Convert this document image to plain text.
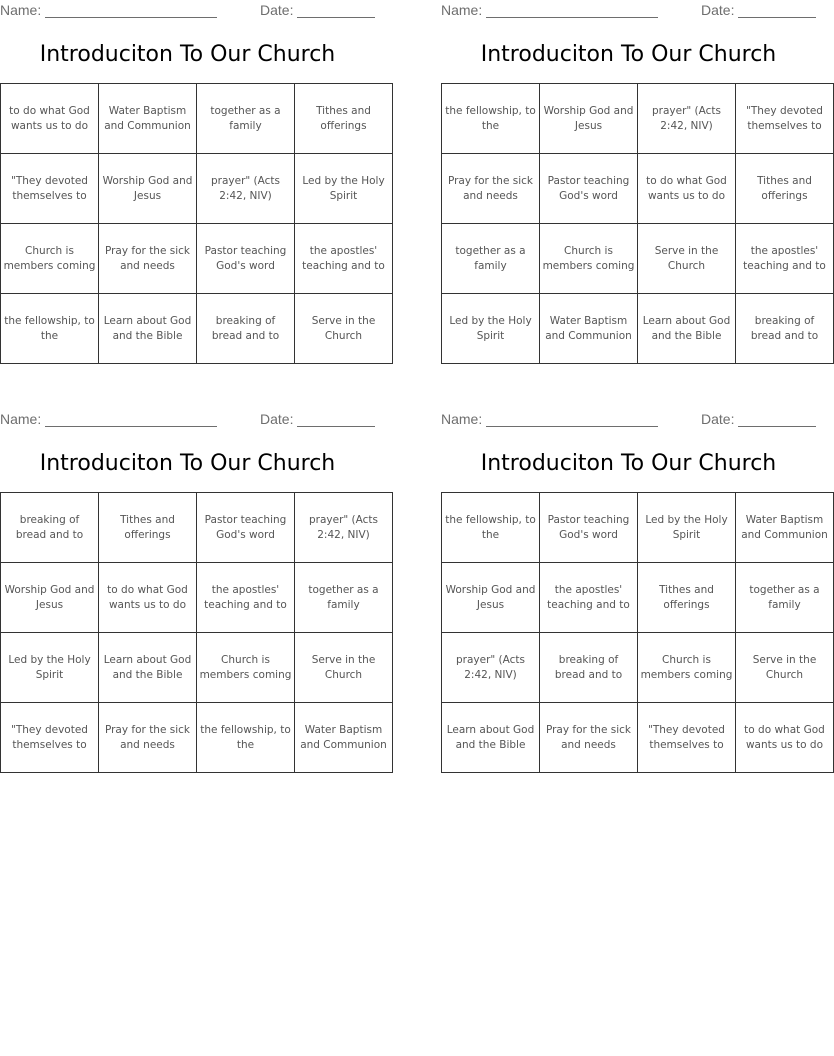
Name:	Date:
Introduciton To Our Church
to do what God wants us to do	Water Baptism and Communion	together as a family	Tithes and offerings
"They devoted themselves to	Worship God and Jesus	prayer" (Acts 2:42, NIV)	Led by the Holy Spirit
Church is members coming	Pray for the sick and needs	Pastor teaching God's word	the apostles' teaching and to
the fellowship, to the	Learn about God and the Bible	breaking of bread and to	Serve in the Church
Name:	Date:
Introduciton To Our Church
the fellowship, to the	Worship God and Jesus	prayer" (Acts 2:42, NIV)	"They devoted themselves to
Pray for the sick and needs	Pastor teaching God's word	to do what God wants us to do	Tithes and offerings
together as a family	Church is members coming	Serve in the Church	the apostles' teaching and to
Led by the Holy Spirit	Water Baptism and Communion	Learn about God and the Bible	breaking of bread and to
Name:	Date:
Introduciton To Our Church
breaking of bread and to	Tithes and offerings	Pastor teaching God's word	prayer" (Acts 2:42, NIV)
Worship God and Jesus	to do what God wants us to do	the apostles' teaching and to	together as a family
Led by the Holy Spirit	Learn about God and the Bible	Church is members coming	Serve in the Church
"They devoted themselves to	Pray for the sick and needs	the fellowship, to the	Water Baptism and Communion
Name:	Date:
Introduciton To Our Church
the fellowship, to the	Pastor teaching God's word	Led by the Holy Spirit	Water Baptism and Communion
Worship God and Jesus	the apostles' teaching and to	Tithes and offerings	together as a family
prayer" (Acts 2:42, NIV)	breaking of bread and to	Church is members coming	Serve in the Church
Learn about God and the Bible	Pray for the sick and needs	"They devoted themselves to	to do what God wants us to do
